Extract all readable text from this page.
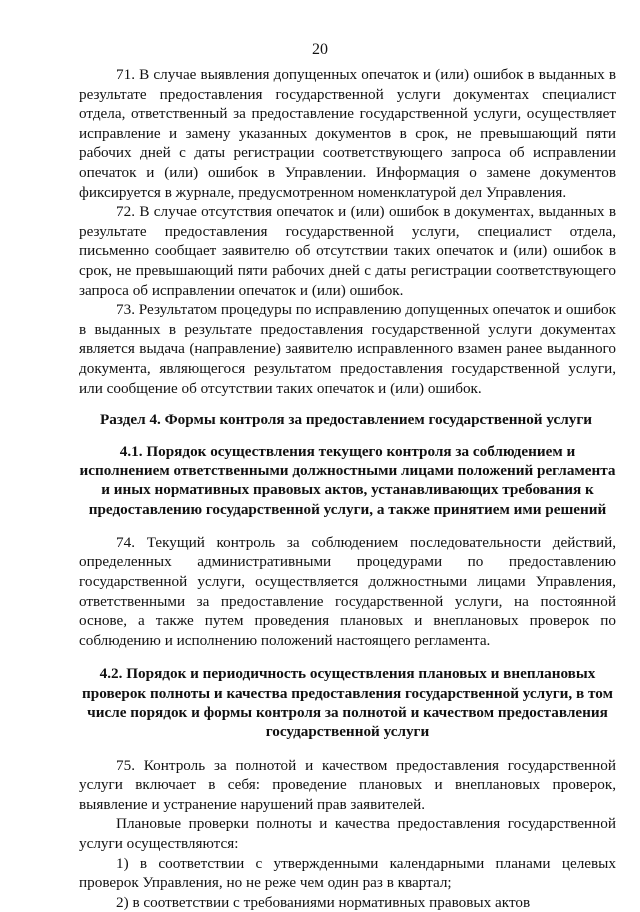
20

71. В случае выявления допущенных опечаток и (или) ошибок в выданных в результате предоставления государственной услуги документах специалист отдела, ответственный за предоставление государственной услуги, осуществляет исправление и замену указанных документов в срок, не превышающий пяти рабочих дней с даты регистрации соответствующего запроса об исправлении опечаток и (или) ошибок в Управлении. Информация о замене документов фиксируется в журнале, предусмотренном номенклатурой дел Управления.

72. В случае отсутствия опечаток и (или) ошибок в документах, выданных в результате предоставления государственной услуги, специалист отдела, письменно сообщает заявителю об отсутствии таких опечаток и (или) ошибок в срок, не превышающий пяти рабочих дней с даты регистрации соответствующего запроса об исправлении опечаток и (или) ошибок.

73. Результатом процедуры по исправлению допущенных опечаток и ошибок в выданных в результате предоставления государственной услуги документах является выдача (направление) заявителю исправленного взамен ранее выданного документа, являющегося результатом предоставления государственной услуги, или сообщение об отсутствии таких опечаток и (или) ошибок.

Раздел 4. Формы контроля за предоставлением государственной услуги

4.1. Порядок осуществления текущего контроля за соблюдением и исполнением ответственными должностными лицами положений регламента и иных нормативных правовых актов, устанавливающих требования к предоставлению государственной услуги, а также принятием ими решений

74. Текущий контроль за соблюдением последовательности действий, определенных административными процедурами по предоставлению государственной услуги, осуществляется должностными лицами Управления, ответственными за предоставление государственной услуги, на постоянной основе, а также путем проведения плановых и внеплановых проверок по соблюдению и исполнению положений настоящего регламента.

4.2. Порядок и периодичность осуществления плановых и внеплановых проверок полноты и качества предоставления государственной услуги, в том числе порядок и формы контроля за полнотой и качеством предоставления государственной услуги

75. Контроль за полнотой и качеством предоставления государственной услуги включает в себя: проведение плановых и внеплановых проверок, выявление и устранение нарушений прав заявителей.

Плановые проверки полноты и качества предоставления государственной услуги осуществляются:

1) в соответствии с утвержденными календарными планами целевых проверок Управления, но не реже чем один раз в квартал;

2) в соответствии с требованиями нормативных правовых актов
